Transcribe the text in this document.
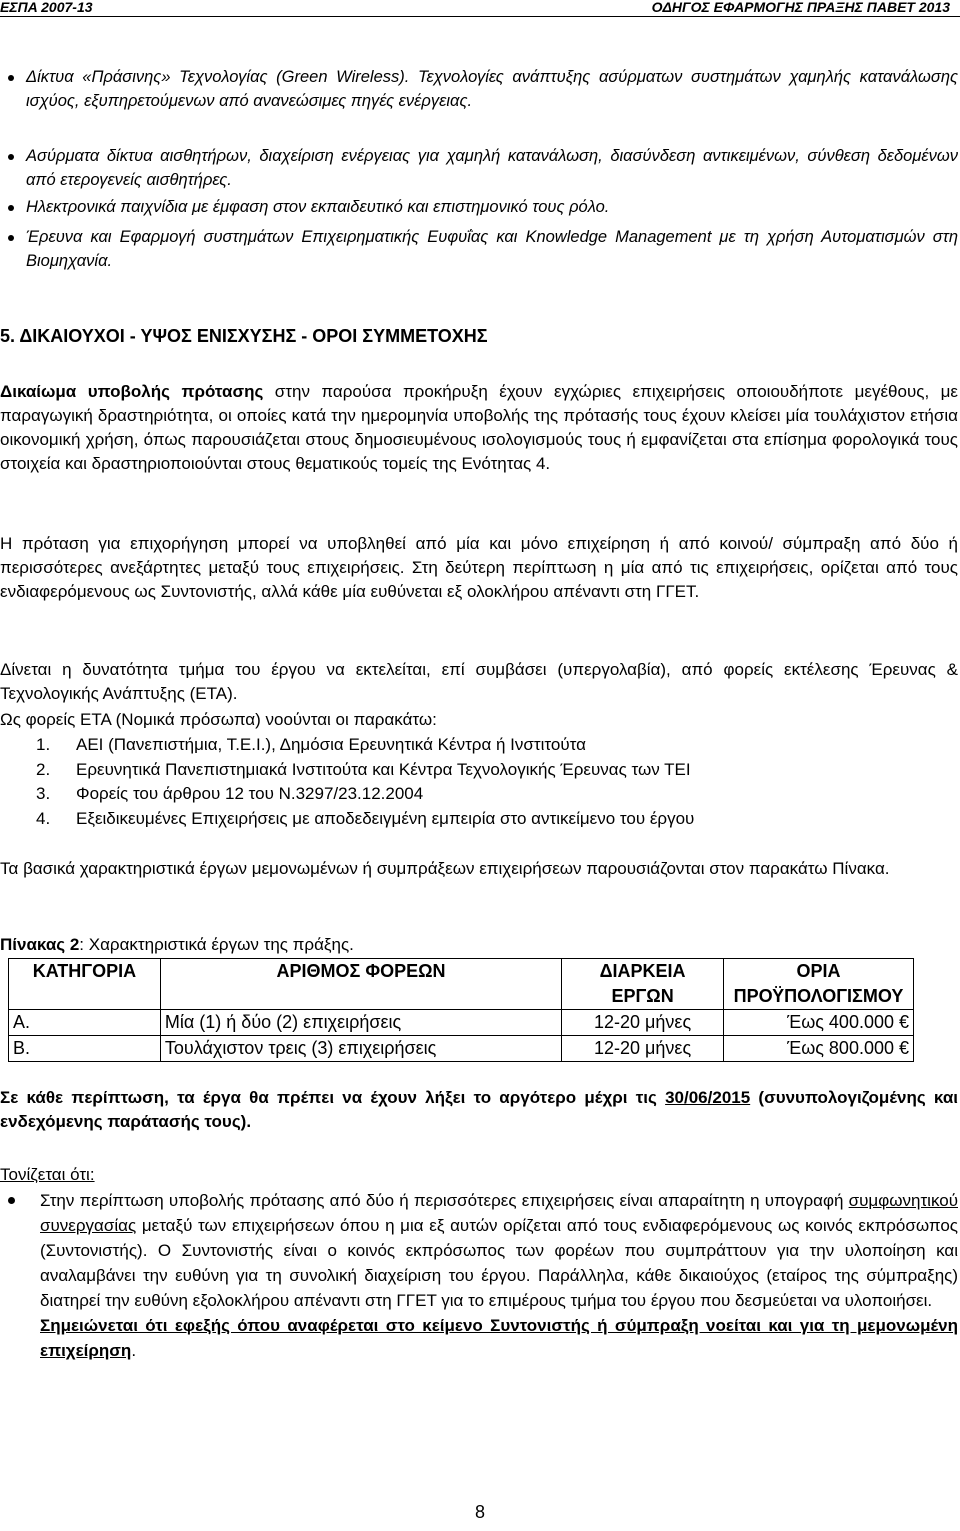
ΕΣΠΑ 2007-13	ΟΔΗΓΟΣ ΕΦΑΡΜΟΓΗΣ ΠΡΑΞΗΣ ΠΑΒΕΤ 2013
Δίκτυα «Πράσινης» Τεχνολογίας (Green Wireless). Τεχνολογίες ανάπτυξης ασύρματων συστημάτων χαμηλής κατανάλωσης ισχύος, εξυπηρετούμενων από ανανεώσιμες πηγές ενέργειας.
Ασύρματα δίκτυα αισθητήρων, διαχείριση ενέργειας για χαμηλή κατανάλωση, διασύνδεση αντικειμένων, σύνθεση δεδομένων από ετερογενείς αισθητήρες.
Ηλεκτρονικά παιχνίδια με έμφαση στον εκπαιδευτικό και επιστημονικό τους ρόλο.
Έρευνα και Εφαρμογή συστημάτων Επιχειρηματικής Ευφυΐας και Knowledge Management με τη χρήση Αυτοματισμών στη Βιομηχανία.
5. ΔΙΚΑΙΟΥΧΟΙ - ΥΨΟΣ ΕΝΙΣΧΥΣΗΣ - ΟΡΟΙ ΣΥΜΜΕΤΟΧΗΣ
Δικαίωμα υποβολής πρότασης στην παρούσα προκήρυξη έχουν εγχώριες επιχειρήσεις οποιουδήποτε μεγέθους, με παραγωγική δραστηριότητα, οι οποίες κατά την ημερομηνία υποβολής της πρότασής τους έχουν κλείσει μία τουλάχιστον ετήσια οικονομική χρήση, όπως παρουσιάζεται στους δημοσιευμένους ισολογισμούς τους ή εμφανίζεται στα επίσημα φορολογικά τους στοιχεία και δραστηριοποιούνται στους θεματικούς τομείς της Ενότητας 4.
Η πρόταση για επιχορήγηση μπορεί να υποβληθεί από μία και μόνο επιχείρηση ή από κοινού/ σύμπραξη από δύο ή περισσότερες ανεξάρτητες μεταξύ τους επιχειρήσεις. Στη δεύτερη περίπτωση η μία από τις επιχειρήσεις, ορίζεται από τους ενδιαφερόμενους ως Συντονιστής, αλλά κάθε μία ευθύνεται εξ ολοκλήρου απέναντι στη ΓΓΕΤ.
Δίνεται η δυνατότητα τμήμα του έργου να εκτελείται, επί συμβάσει (υπεργολαβία), από φορείς εκτέλεσης Έρευνας & Τεχνολογικής Ανάπτυξης (ΕΤΑ).
Ως φορείς ΕΤΑ (Νομικά πρόσωπα) νοούνται οι παρακάτω:
1.	ΑΕΙ (Πανεπιστήμια, Τ.Ε.Ι.), Δημόσια Ερευνητικά Κέντρα ή Ινστιτούτα
2.	Ερευνητικά Πανεπιστημιακά Ινστιτούτα και Κέντρα Τεχνολογικής Έρευνας των ΤΕΙ
3.	Φορείς του άρθρου 12 του Ν.3297/23.12.2004
4.	Εξειδικευμένες Επιχειρήσεις με αποδεδειγμένη εμπειρία στο αντικείμενο του έργου
Τα βασικά χαρακτηριστικά έργων μεμονωμένων ή συμπράξεων επιχειρήσεων παρουσιάζονται στον παρακάτω Πίνακα.
Πίνακας 2: Χαρακτηριστικά έργων της πράξης.
ΚΑΤΗΓΟΡΙΑ	ΑΡΙΘΜΟΣ ΦΟΡΕΩΝ	ΔΙΑΡΚΕΙΑ ΕΡΓΩΝ	ΟΡΙΑ ΠΡΟΫΠΟΛΟΓΙΣΜΟΥ
Α.	Μία (1) ή δύο (2) επιχειρήσεις	12-20 μήνες	Έως 400.000 €
Β.	Τουλάχιστον τρεις (3) επιχειρήσεις	12-20 μήνες	Έως 800.000 €
Σε κάθε περίπτωση, τα έργα θα πρέπει να έχουν λήξει το αργότερο μέχρι τις 30/06/2015 (συνυπολογιζομένης και ενδεχόμενης παράτασής τους).
Τονίζεται ότι:
Στην περίπτωση υποβολής πρότασης από δύο ή περισσότερες επιχειρήσεις είναι απαραίτητη η υπογραφή συμφωνητικού συνεργασίας μεταξύ των επιχειρήσεων όπου η μια εξ αυτών ορίζεται από τους ενδιαφερόμενους ως κοινός εκπρόσωπος (Συντονιστής). Ο Συντονιστής είναι ο κοινός εκπρόσωπος των φορέων που συμπράττουν για την υλοποίηση και αναλαμβάνει την ευθύνη για τη συνολική διαχείριση του έργου. Παράλληλα, κάθε δικαιούχος (εταίρος της σύμπραξης) διατηρεί την ευθύνη εξολοκλήρου απέναντι στη ΓΓΕΤ για το επιμέρους τμήμα του έργου που δεσμεύεται να υλοποιήσει.
Σημειώνεται ότι εφεξής όπου αναφέρεται στο κείμενο Συντονιστής ή σύμπραξη νοείται και για τη μεμονωμένη επιχείρηση.
8
